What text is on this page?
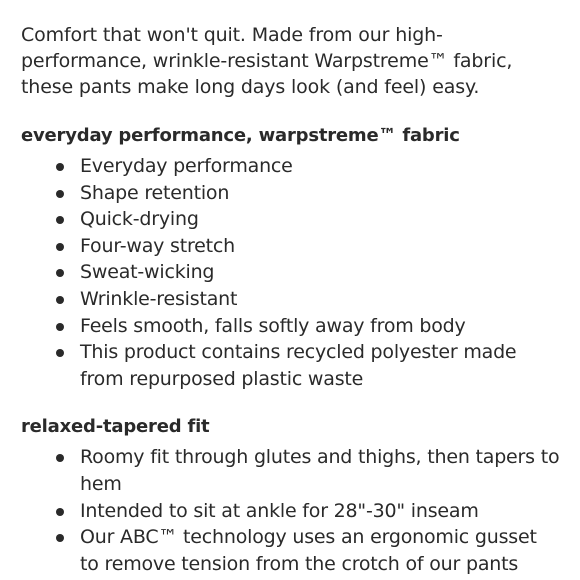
Comfort that won't quit. Made from our high-performance, wrinkle-resistant Warpstreme™ fabric, these pants make long days look (and feel) easy.

everyday performance, warpstreme™ fabric
Everyday performance
Shape retention
Quick-drying
Four-way stretch
Sweat-wicking
Wrinkle-resistant
Feels smooth, falls softly away from body
This product contains recycled polyester made from repurposed plastic waste
relaxed-tapered fit
Roomy fit through glutes and thighs, then tapers to hem
Intended to sit at ankle for 28"-30" inseam
Our ABC™ technology uses an ergonomic gusset to remove tension from the crotch of our pants
